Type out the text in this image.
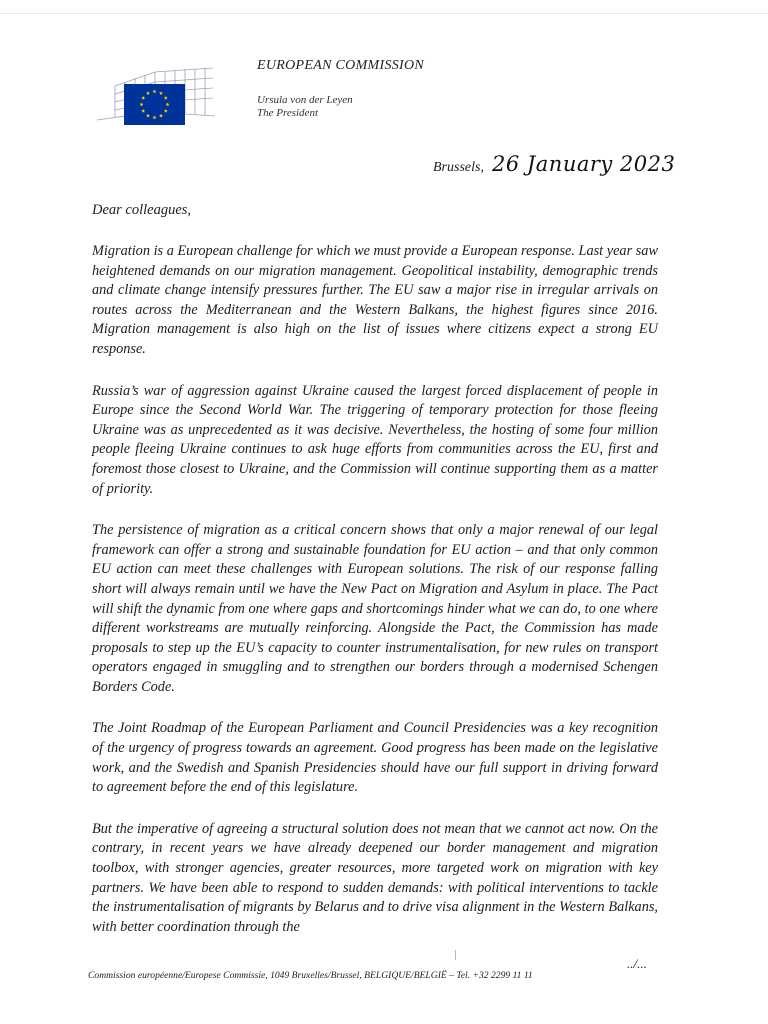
EUROPEAN COMMISSION
Ursula von der Leyen
The President
Brussels, 26 January 2023
Dear colleagues,

Migration is a European challenge for which we must provide a European response. Last year saw heightened demands on our migration management. Geopolitical instability, demographic trends and climate change intensify pressures further. The EU saw a major rise in irregular arrivals on routes across the Mediterranean and the Western Balkans, the highest figures since 2016. Migration management is also high on the list of issues where citizens expect a strong EU response.

Russia’s war of aggression against Ukraine caused the largest forced displacement of people in Europe since the Second World War. The triggering of temporary protection for those fleeing Ukraine was as unprecedented as it was decisive. Nevertheless, the hosting of some four million people fleeing Ukraine continues to ask huge efforts from communities across the EU, first and foremost those closest to Ukraine, and the Commission will continue supporting them as a matter of priority.

The persistence of migration as a critical concern shows that only a major renewal of our legal framework can offer a strong and sustainable foundation for EU action – and that only common EU action can meet these challenges with European solutions. The risk of our response falling short will always remain until we have the New Pact on Migration and Asylum in place. The Pact will shift the dynamic from one where gaps and shortcomings hinder what we can do, to one where different workstreams are mutually reinforcing. Alongside the Pact, the Commission has made proposals to step up the EU’s capacity to counter instrumentalisation, for new rules on transport operators engaged in smuggling and to strengthen our borders through a modernised Schengen Borders Code.

The Joint Roadmap of the European Parliament and Council Presidencies was a key recognition of the urgency of progress towards an agreement. Good progress has been made on the legislative work, and the Swedish and Spanish Presidencies should have our full support in driving forward to agreement before the end of this legislature.

But the imperative of agreeing a structural solution does not mean that we cannot act now. On the contrary, in recent years we have already deepened our border management and migration toolbox, with stronger agencies, greater resources, more targeted work on migration with key partners. We have been able to respond to sudden demands: with political interventions to tackle the instrumentalisation of migrants by Belarus and to drive visa alignment in the Western Balkans, with better coordination through the

../...
Commission européenne/Europese Commissie, 1049 Bruxelles/Brussel, BELGIQUE/BELGIË – Tel. +32 2299 11 11
